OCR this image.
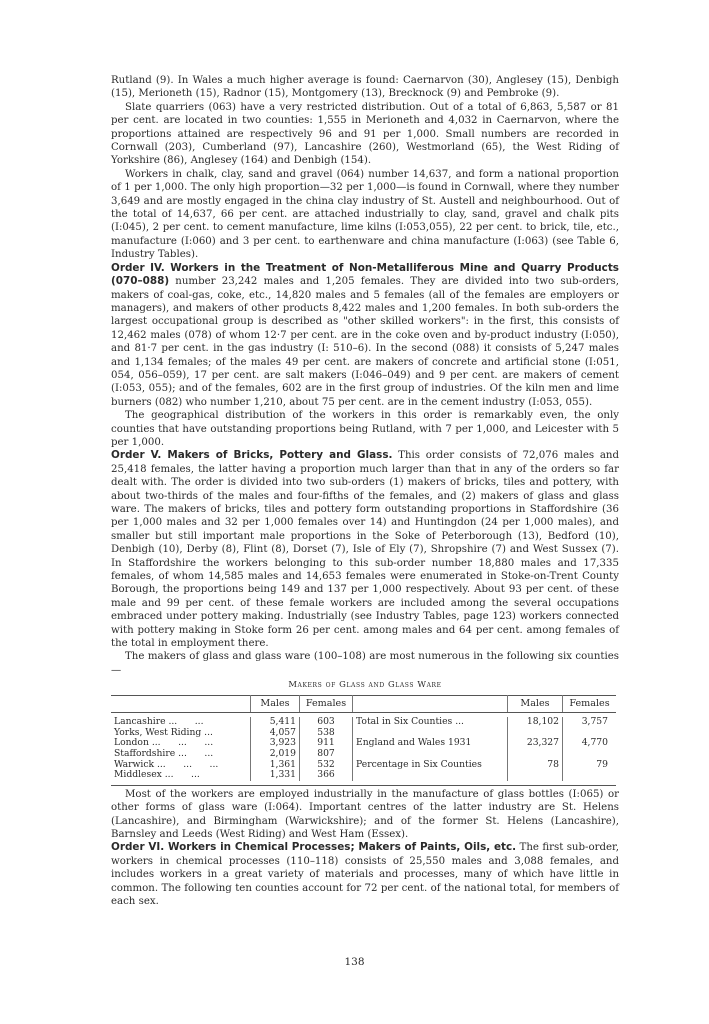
Rutland (9). In Wales a much higher average is found: Caernarvon (30), Anglesey (15), Denbigh (15), Merioneth (15), Radnor (15), Montgomery (13), Brecknock (9) and Pembroke (9).

Slate quarriers (063) have a very restricted distribution. Out of a total of 6,863, 5,587 or 81 per cent. are located in two counties: 1,555 in Merioneth and 4,032 in Caernarvon, where the proportions attained are respectively 96 and 91 per 1,000. Small numbers are recorded in Cornwall (203), Cumberland (97), Lancashire (260), Westmorland (65), the West Riding of Yorkshire (86), Anglesey (164) and Denbigh (154).

Workers in chalk, clay, sand and gravel (064) number 14,637, and form a national proportion of 1 per 1,000. The only high proportion—32 per 1,000—is found in Cornwall, where they number 3,649 and are mostly engaged in the china clay industry of St. Austell and neighbourhood. Out of the total of 14,637, 66 per cent. are attached industrially to clay, sand, gravel and chalk pits (I:045), 2 per cent. to cement manufacture, lime kilns (I:053,055), 22 per cent. to brick, tile, etc., manufacture (I:060) and 3 per cent. to earthenware and china manufacture (I:063) (see Table 6, Industry Tables).

Order IV. Workers in the Treatment of Non-Metalliferous Mine and Quarry Products (070–088) number 23,242 males and 1,205 females. They are divided into two sub-orders, makers of coal-gas, coke, etc., 14,820 males and 5 females (all of the females are employers or managers), and makers of other products 8,422 males and 1,200 females. In both sub-orders the largest occupational group is described as "other skilled workers": in the first, this consists of 12,462 males (078) of whom 12·7 per cent. are in the coke oven and by-product industry (I:050), and 81·7 per cent. in the gas industry (I: 510–6). In the second (088) it consists of 5,247 males and 1,134 females; of the males 49 per cent. are makers of concrete and artificial stone (I:051, 054, 056–059), 17 per cent. are salt makers (I:046–049) and 9 per cent. are makers of cement (I:053, 055); and of the females, 602 are in the first group of industries. Of the kiln men and lime burners (082) who number 1,210, about 75 per cent. are in the cement industry (I:053, 055).

The geographical distribution of the workers in this order is remarkably even, the only counties that have outstanding proportions being Rutland, with 7 per 1,000, and Leicester with 5 per 1,000.

Order V. Makers of Bricks, Pottery and Glass. This order consists of 72,076 males and 25,418 females, the latter having a proportion much larger than that in any of the orders so far dealt with. The order is divided into two sub-orders (1) makers of bricks, tiles and pottery, with about two-thirds of the males and four-fifths of the females, and (2) makers of glass and glass ware. The makers of bricks, tiles and pottery form outstanding proportions in Staffordshire (36 per 1,000 males and 32 per 1,000 females over 14) and Huntingdon (24 per 1,000 males), and smaller but still important male proportions in the Soke of Peterborough (13), Bedford (10), Denbigh (10), Derby (8), Flint (8), Dorset (7), Isle of Ely (7), Shropshire (7) and West Sussex (7). In Staffordshire the workers belonging to this sub-order number 18,880 males and 17,335 females, of whom 14,585 males and 14,653 females were enumerated in Stoke-on-Trent County Borough, the proportions being 149 and 137 per 1,000 respectively. About 93 per cent. of these male and 99 per cent. of these female workers are included among the several occupations embraced under pottery making. Industrially (see Industry Tables, page 123) workers connected with pottery making in Stoke form 26 per cent. among males and 64 per cent. among females of the total in employment there.

The makers of glass and glass ware (100–108) are most numerous in the following six counties—

Makers of Glass and Glass Ware
	Males	Females		Males	Females

Lancashire ...      ...	5,411	603	Total in Six Counties ...	18,102	3,757
Yorks, West Riding ...	4,057	538			
London ...      ...      ...	3,923	911	England and Wales 1931	23,327	4,770
Staffordshire ...      ...	2,019	807			
Warwick ...      ...      ...	1,361	532	Percentage in Six Counties	78	79
Middlesex ...      ...	1,331	366			

Most of the workers are employed industrially in the manufacture of glass bottles (I:065) or other forms of glass ware (I:064). Important centres of the latter industry are St. Helens (Lancashire), and Birmingham (Warwickshire); and of the former St. Helens (Lancashire), Barnsley and Leeds (West Riding) and West Ham (Essex).

Order VI. Workers in Chemical Processes; Makers of Paints, Oils, etc. The first sub-order, workers in chemical processes (110–118) consists of 25,550 males and 3,088 females, and includes workers in a great variety of materials and processes, many of which have little in common. The following ten counties account for 72 per cent. of the national total, for members of each sex.

138
